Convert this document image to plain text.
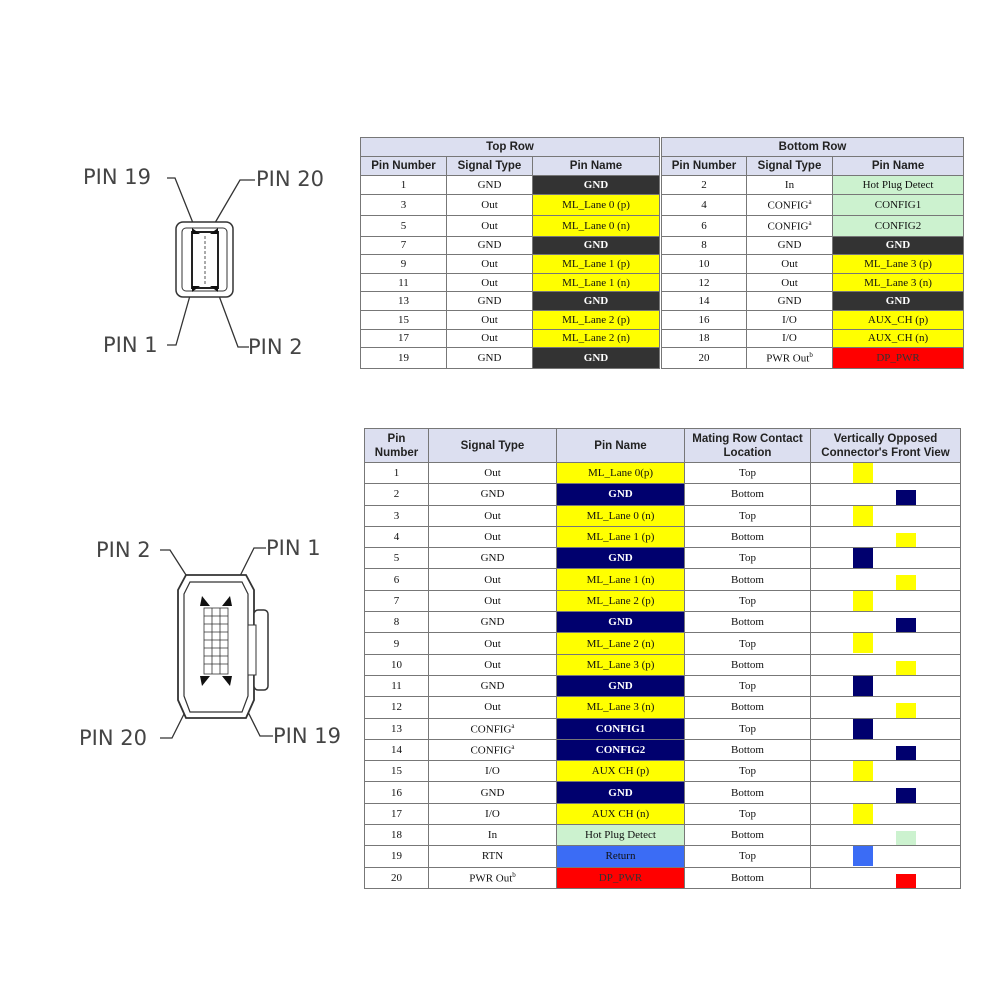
PIN 19	PIN 20
PIN 1	PIN 2
PIN 2	PIN 1
PIN 20	PIN 19
Top Row			Bottom Row		
Pin Number	Signal Type	Pin Name	Pin Number	Signal Type	Pin Name
1	GND	GND	2	In	Hot Plug Detect
3	Out	ML_Lane 0 (p)	4	CONFIG$^a$	CONFIG1
5	Out	ML_Lane 0 (n)	6	CONFIG$^a$	CONFIG2
7	GND	GND	8	GND	GND
9	Out	ML_Lane 1 (p)	10	Out	ML_Lane 3 (p)
11	Out	ML_Lane 1 (n)	12	Out	ML_Lane 3 (n)
13	GND	GND	14	GND	GND
15	Out	ML_Lane 2 (p)	16	I/O	AUX_CH (p)
17	Out	ML_Lane 2 (n)	18	I/O	AUX_CH (n)
19	GND	GND	20	PWR Out$^b$	DP_PWR
Pin Number	Signal Type	Pin Name	Mating Row Contact Location	Vertically Opposed Connector's Front View
1	Out	ML_Lane 0(p)	Top	

2	GND	GND	Bottom	

3	Out	ML_Lane 0 (n)	Top	

4	Out	ML_Lane 1 (p)	Bottom	

5	GND	GND	Top	

6	Out	ML_Lane 1 (n)	Bottom	

7	Out	ML_Lane 2 (p)	Top	

8	GND	GND	Bottom	

9	Out	ML_Lane 2 (n)	Top	

10	Out	ML_Lane 3 (p)	Bottom	

11	GND	GND	Top	

12	Out	ML_Lane 3 (n)	Bottom	

13	CONFIG$^a$	CONFIG1	Top	

14	CONFIG$^a$	CONFIG2	Bottom	

15	I/O	AUX CH (p)	Top	

16	GND	GND	Bottom	

17	I/O	AUX CH (n)	Top	

18	In	Hot Plug Detect	Bottom	

19	RTN	Return	Top	

20	PWR Out$^b$	DP_PWR	Bottom	
